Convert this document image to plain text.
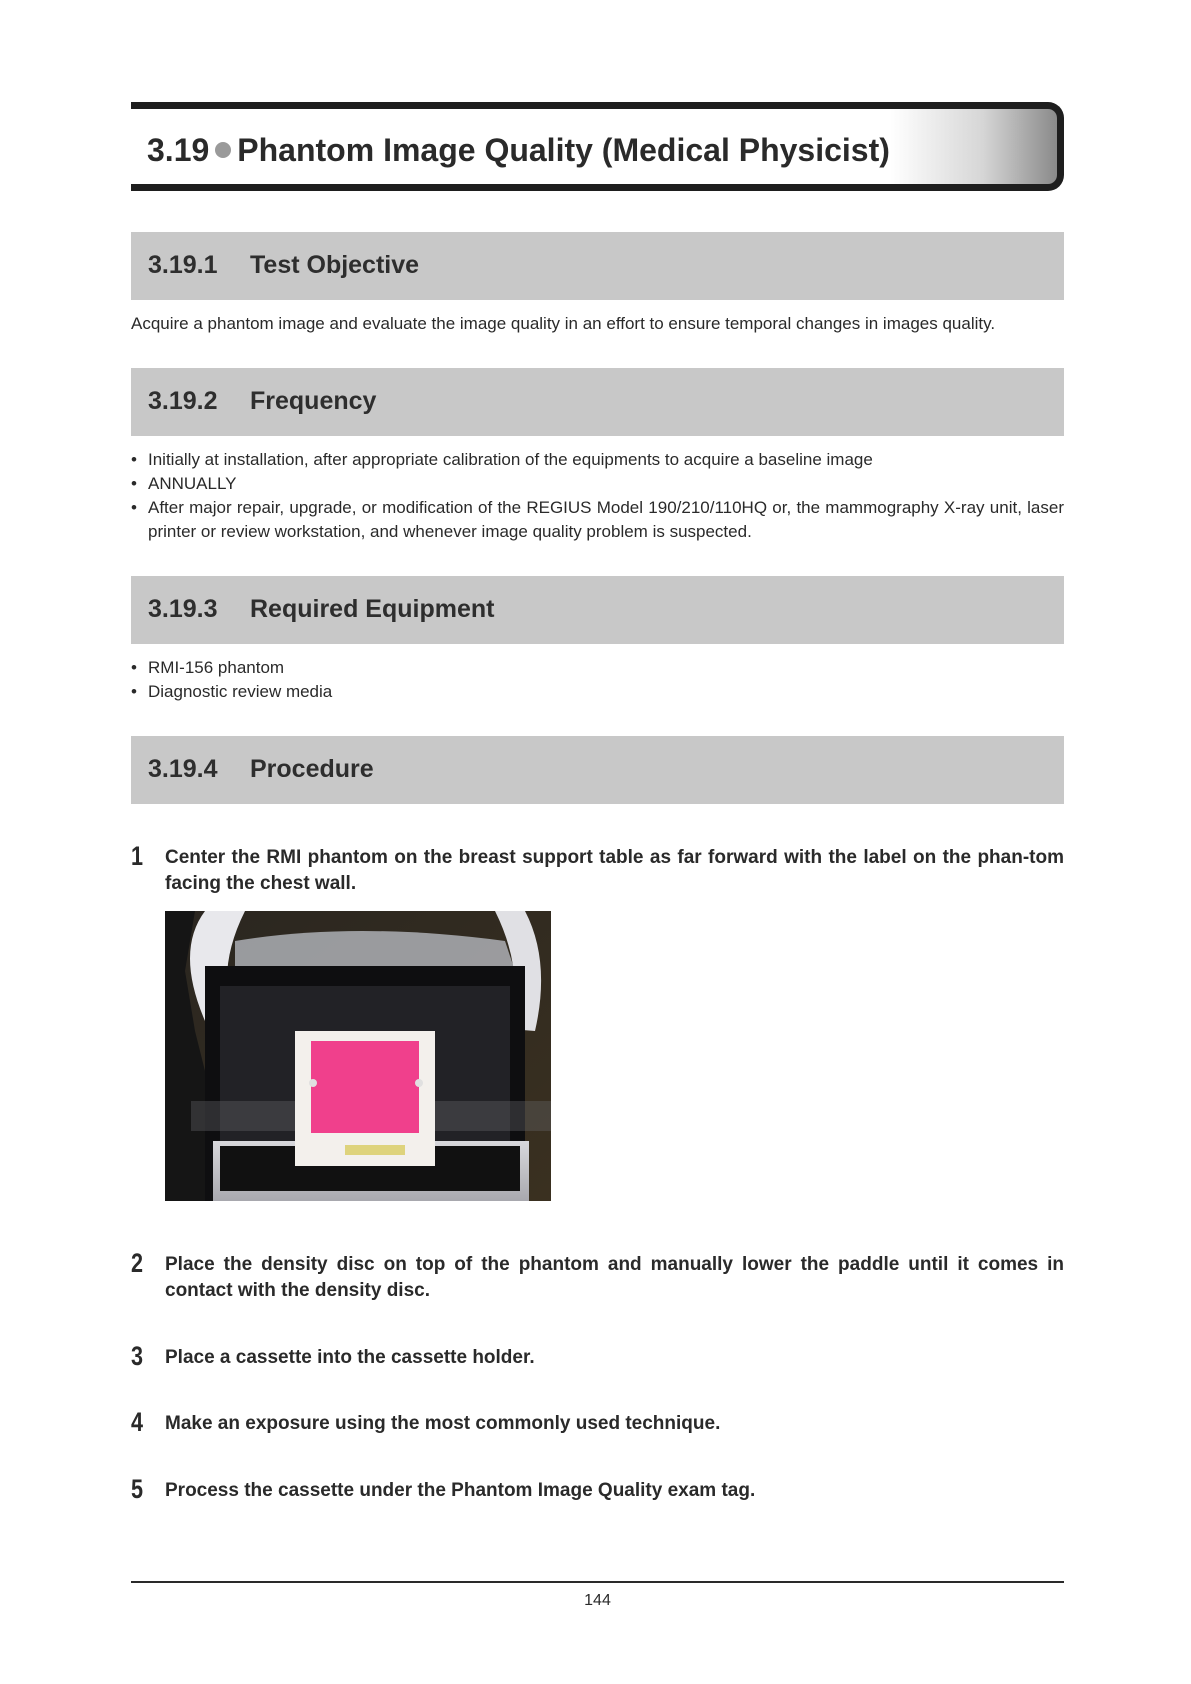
3.19 Phantom Image Quality (Medical Physicist)
3.19.1 Test Objective
Acquire a phantom image and evaluate the image quality in an effort to ensure temporal changes in images quality.
3.19.2 Frequency
• Initially at installation, after appropriate calibration of the equipments to acquire a baseline image
• ANNUALLY
• After major repair, upgrade, or modification of the REGIUS Model 190/210/110HQ or, the mammography X-ray unit, laser printer or review workstation, and whenever image quality problem is suspected.
3.19.3 Required Equipment
• RMI-156 phantom
• Diagnostic review media
3.19.4 Procedure
1 Center the RMI phantom on the breast support table as far forward with the label on the phan-tom facing the chest wall.
2 Place the density disc on top of the phantom and manually lower the paddle until it comes in contact with the density disc.
3 Place a cassette into the cassette holder.
4 Make an exposure using the most commonly used technique.
5 Process the cassette under the Phantom Image Quality exam tag.
144
